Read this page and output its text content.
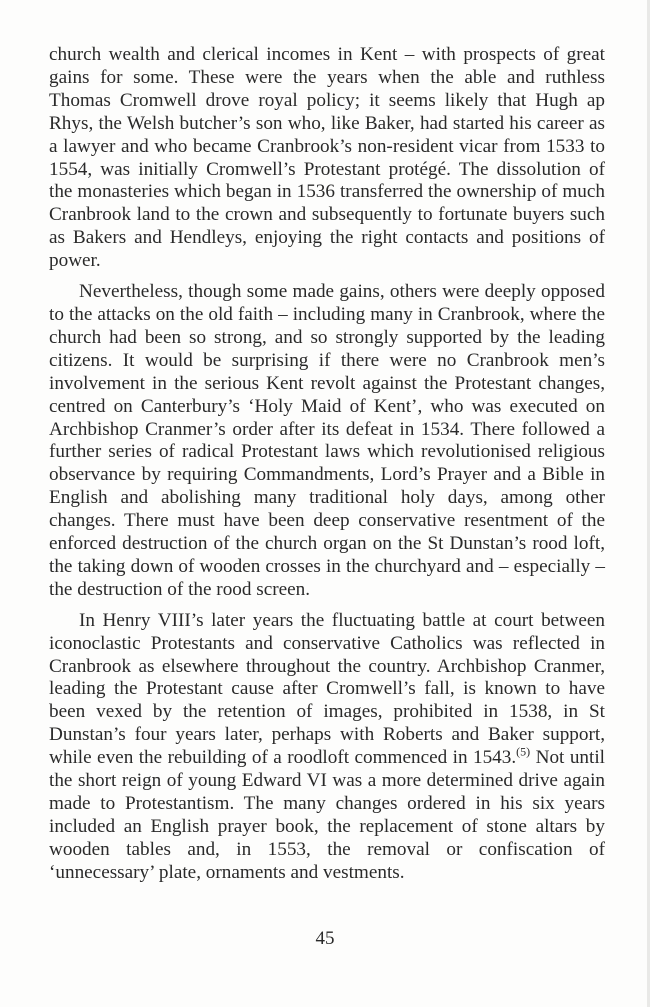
church wealth and clerical incomes in Kent – with prospects of great gains for some. These were the years when the able and ruthless Thomas Cromwell drove royal policy; it seems likely that Hugh ap Rhys, the Welsh butcher’s son who, like Baker, had started his career as a lawyer and who became Cranbrook’s non-resident vicar from 1533 to 1554, was initially Cromwell’s Protestant protégé. The dissolution of the monasteries which began in 1536 transferred the ownership of much Cranbrook land to the crown and subsequently to fortunate buyers such as Bakers and Hendleys, enjoying the right contacts and positions of power.

Nevertheless, though some made gains, others were deeply opposed to the attacks on the old faith – including many in Cranbrook, where the church had been so strong, and so strongly supported by the leading citizens. It would be surprising if there were no Cranbrook men’s involvement in the serious Kent revolt against the Protestant changes, centred on Canterbury’s ‘Holy Maid of Kent’, who was executed on Archbishop Cranmer’s order after its defeat in 1534. There followed a further series of radical Protestant laws which revolutionised religious observance by requiring Commandments, Lord’s Prayer and a Bible in English and abolishing many traditional holy days, among other changes. There must have been deep conservative resentment of the enforced destruction of the church organ on the St Dunstan’s rood loft, the taking down of wooden crosses in the churchyard and – especially – the destruction of the rood screen.

In Henry VIII’s later years the fluctuating battle at court between iconoclastic Protestants and conservative Catholics was reflected in Cranbrook as elsewhere throughout the country. Archbishop Cranmer, leading the Protestant cause after Cromwell’s fall, is known to have been vexed by the retention of images, prohibited in 1538, in St Dunstan’s four years later, perhaps with Roberts and Baker support, while even the rebuilding of a roodloft commenced in 1543.$^{(5)}$ Not until the short reign of young Edward VI was a more determined drive again made to Protestantism. The many changes ordered in his six years included an English prayer book, the replacement of stone altars by wooden tables and, in 1553, the removal or confiscation of ‘unnecessary’ plate, ornaments and vestments.

45
